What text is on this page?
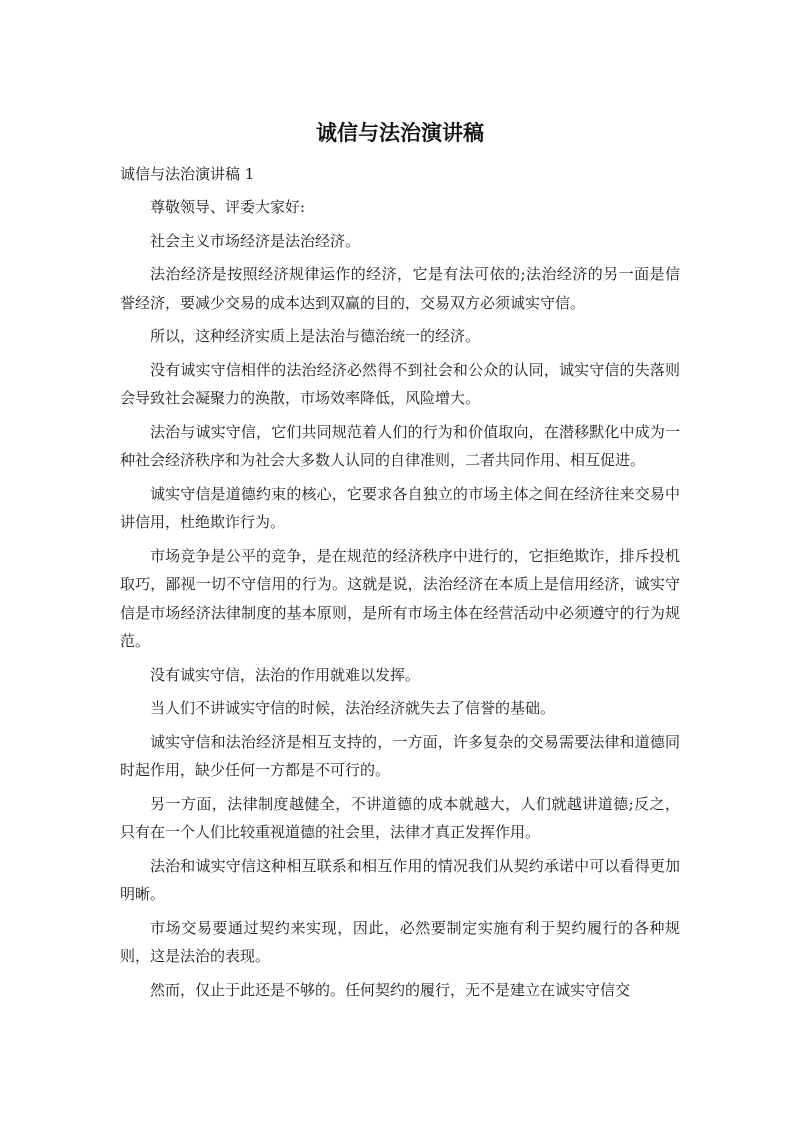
诚信与法治演讲稿

诚信与法治演讲稿 1

尊敬领导、评委大家好:

社会主义市场经济是法治经济。

法治经济是按照经济规律运作的经济，它是有法可依的;法治经济的另一面是信誉经济，要减少交易的成本达到双赢的目的，交易双方必须诚实守信。

所以，这种经济实质上是法治与德治统一的经济。

没有诚实守信相伴的法治经济必然得不到社会和公众的认同，诚实守信的失落则会导致社会凝聚力的涣散，市场效率降低，风险增大。

法治与诚实守信，它们共同规范着人们的行为和价值取向，在潜移默化中成为一种社会经济秩序和为社会大多数人认同的自律准则，二者共同作用、相互促进。

诚实守信是道德约束的核心，它要求各自独立的市场主体之间在经济往来交易中讲信用，杜绝欺诈行为。

市场竞争是公平的竞争，是在规范的经济秩序中进行的，它拒绝欺诈，排斥投机取巧，鄙视一切不守信用的行为。这就是说，法治经济在本质上是信用经济，诚实守信是市场经济法律制度的基本原则，是所有市场主体在经营活动中必须遵守的行为规范。

没有诚实守信，法治的作用就难以发挥。

当人们不讲诚实守信的时候，法治经济就失去了信誉的基础。

诚实守信和法治经济是相互支持的，一方面，许多复杂的交易需要法律和道德同时起作用，缺少任何一方都是不可行的。

另一方面，法律制度越健全，不讲道德的成本就越大，人们就越讲道德;反之，只有在一个人们比较重视道德的社会里，法律才真正发挥作用。

法治和诚实守信这种相互联系和相互作用的情况我们从契约承诺中可以看得更加明晰。

市场交易要通过契约来实现，因此，必然要制定实施有利于契约履行的各种规则，这是法治的表现。

然而，仅止于此还是不够的。任何契约的履行，无不是建立在诚实守信交
